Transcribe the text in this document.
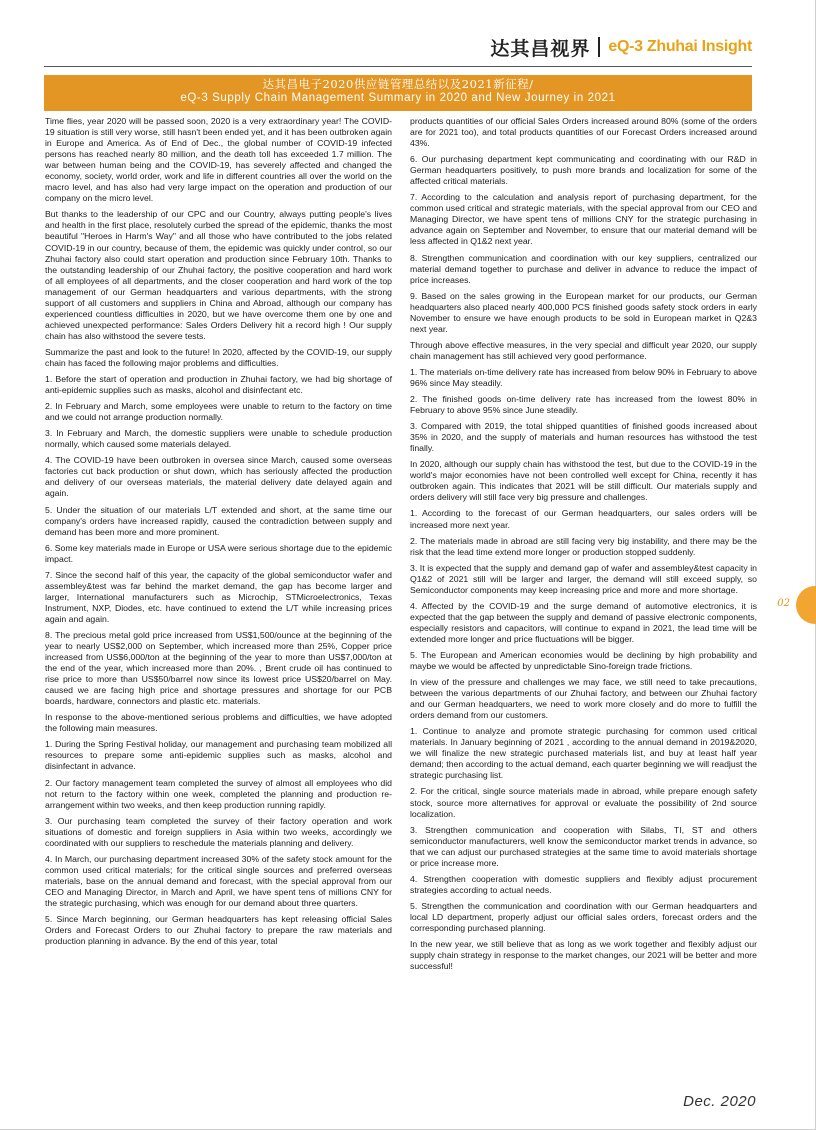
达其昌视界 eQ-3 Zhuhai Insight
达其昌电子2020供应链管理总结以及2021新征程/
eQ-3 Supply Chain Management Summary in 2020 and New Journey in 2021

Time flies, year 2020 will be passed soon, 2020 is a very extraordinary year! The COVID-19 situation is still very worse, still hasn't been ended yet, and it has been outbroken again in Europe and America. As of End of Dec., the global number of COVID-19 infected persons has reached nearly 80 million, and the death toll has exceeded 1.7 million. The war between human being and the COVID-19, has severely affected and changed the economy, society, world order, work and life in different countries all over the world on the macro level, and has also had very large impact on the operation and production of our company on the micro level.

But thanks to the leadership of our CPC and our Country, always putting people's lives and health in the first place, resolutely curbed the spread of the epidemic, thanks the most beautiful "Heroes in Harm's Way" and all those who have contributed to the jobs related COVID-19 in our country, because of them, the epidemic was quickly under control, so our Zhuhai factory also could start operation and production since February 10th. Thanks to the outstanding leadership of our Zhuhai factory, the positive cooperation and hard work of all employees of all departments, and the closer cooperation and hard work of the top management of our German headquarters and various departments, with the strong support of all customers and suppliers in China and Abroad, although our company has experienced countless difficulties in 2020, but we have overcome them one by one and achieved unexpected performance: Sales Orders Delivery hit a record high ! Our supply chain has also withstood the severe tests.

Summarize the past and look to the future! In 2020, affected by the COVID-19, our supply chain has faced the following major problems and difficulties.

1. Before the start of operation and production in Zhuhai factory, we had big shortage of anti-epidemic supplies such as masks, alcohol and disinfectant etc.

2. In February and March, some employees were unable to return to the factory on time and we could not arrange production normally.

3. In February and March, the domestic suppliers were unable to schedule production normally, which caused some materials delayed.

4. The COVID-19 have been outbroken in oversea since March, caused some overseas factories cut back production or shut down, which has seriously affected the production and delivery of our overseas materials, the material delivery date delayed again and again.

5. Under the situation of our materials L/T extended and short, at the same time our company's orders have increased rapidly, caused the contradiction between supply and demand has been more and more prominent.

6. Some key materials made in Europe or USA were serious shortage due to the epidemic impact.

7. Since the second half of this year, the capacity of the global semiconductor wafer and assembley&test was far behind the market demand, the gap has become larger and larger, International manufacturers such as Microchip, STMicroelectronics, Texas Instrument, NXP, Diodes, etc. have continued to extend the L/T while increasing prices again and again.

8. The precious metal gold price increased from US$1,500/ounce at the beginning of the year to nearly US$2,000 on September, which increased more than 25%, Copper price increased from US$6,000/ton at the beginning of the year to more than US$7,000/ton at the end of the year, which increased more than 20%. , Brent crude oil has continued to rise price to more than US$50/barrel now since its lowest price US$20/barrel on May. caused we are facing high price and shortage pressures and shortage for our PCB boards, hardware, connectors and plastic etc. materials.

In response to the above-mentioned serious problems and difficulties, we have adopted the following main measures.

1. During the Spring Festival holiday, our management and purchasing team mobilized all resources to prepare some anti-epidemic supplies such as masks, alcohol and disinfectant in advance.

2. Our factory management team completed the survey of almost all employees who did not return to the factory within one week, completed the planning and production re-arrangement within two weeks, and then keep production running rapidly.

3. Our purchasing team completed the survey of their factory operation and work situations of domestic and foreign suppliers in Asia within two weeks, accordingly we coordinated with our suppliers to reschedule the materials planning and delivery.

4. In March, our purchasing department increased 30% of the safety stock amount for the common used critical materials; for the critical single sources and preferred overseas materials, base on the annual demand and forecast, with the special approval from our CEO and Managing Director, in March and April, we have spent tens of millions CNY for the strategic purchasing, which was enough for our demand about three quarters.

5. Since March beginning, our German headquarters has kept releasing official Sales Orders and Forecast Orders to our Zhuhai factory to prepare the raw materials and production planning in advance. By the end of this year, total

products quantities of our official Sales Orders increased around 80% (some of the orders are for 2021 too), and total products quantities of our Forecast Orders increased around 43%.

6. Our purchasing department kept communicating and coordinating with our R&D in German headquarters positively, to push more brands and localization for some of the affected critical materials.

7. According to the calculation and analysis report of purchasing department, for the common used critical and strategic materials, with the special approval from our CEO and Managing Director, we have spent tens of millions CNY for the strategic purchasing in advance again on September and November, to ensure that our material demand will be less affected in Q1&2 next year.

8. Strengthen communication and coordination with our key suppliers, centralized our material demand together to purchase and deliver in advance to reduce the impact of price increases.

9. Based on the sales growing in the European market for our products, our German headquarters also placed nearly 400,000 PCS finished goods safety stock orders in early November to ensure we have enough products to be sold in European market in Q2&3 next year.

Through above effective measures, in the very special and difficult year 2020, our supply chain management has still achieved very good performance.

1. The materials on-time delivery rate has increased from below 90% in February to above 96% since May steadily.

2. The finished goods on-time delivery rate has increased from the lowest 80% in February to above 95% since June steadily.

3. Compared with 2019, the total shipped quantities of finished goods increased about 35% in 2020, and the supply of materials and human resources has withstood the test finally.

In 2020, although our supply chain has withstood the test, but due to the COVID-19 in the world's major economies have not been controlled well except for China, recently it has outbroken again. This indicates that 2021 will be still difficult. Our materials supply and orders delivery will still face very big pressure and challenges.

1. According to the forecast of our German headquarters, our sales orders will be increased more next year.

2. The materials made in abroad are still facing very big instability, and there may be the risk that the lead time extend more longer or production stopped suddenly.

3. It is expected that the supply and demand gap of wafer and assembley&test capacity in Q1&2 of 2021 still will be larger and larger, the demand will still exceed supply, so Semiconductor components may keep increasing price and more and more shortage.

4. Affected by the COVID-19 and the surge demand of automotive electronics, it is expected that the gap between the supply and demand of passive electronic components, especially resistors and capacitors, will continue to expand in 2021, the lead time will be extended more longer and price fluctuations will be bigger.

5. The European and American economies would be declining by high probability and maybe we would be affected by unpredictable Sino-foreign trade frictions.

In view of the pressure and challenges we may face, we still need to take precautions, between the various departments of our Zhuhai factory, and between our Zhuhai factory and our German headquarters, we need to work more closely and do more to fulfill the orders demand from our customers.

1. Continue to analyze and promote strategic purchasing for common used critical materials. In January beginning of 2021 , according to the annual demand in 2019&2020, we will finalize the new strategic purchased materials list, and buy at least half year demand; then according to the actual demand, each quarter beginning we will readjust the strategic purchasing list.

2. For the critical, single source materials made in abroad, while prepare enough safety stock, source more alternatives for approval or evaluate the possibility of 2nd source localization.

3. Strengthen communication and cooperation with Silabs, TI, ST and others semiconductor manufacturers, well know the semiconductor market trends in advance, so that we can adjust our purchased strategies at the same time to avoid materials shortage or price increase more.

4. Strengthen cooperation with domestic suppliers and flexibly adjust procurement strategies according to actual needs.

5. Strengthen the communication and coordination with our German headquarters and local LD department, properly adjust our official sales orders, forecast orders and the corresponding purchased planning.

In the new year, we still believe that as long as we work together and flexibly adjust our supply chain strategy in response to the market changes, our 2021 will be better and more successful!

02
Dec. 2020
